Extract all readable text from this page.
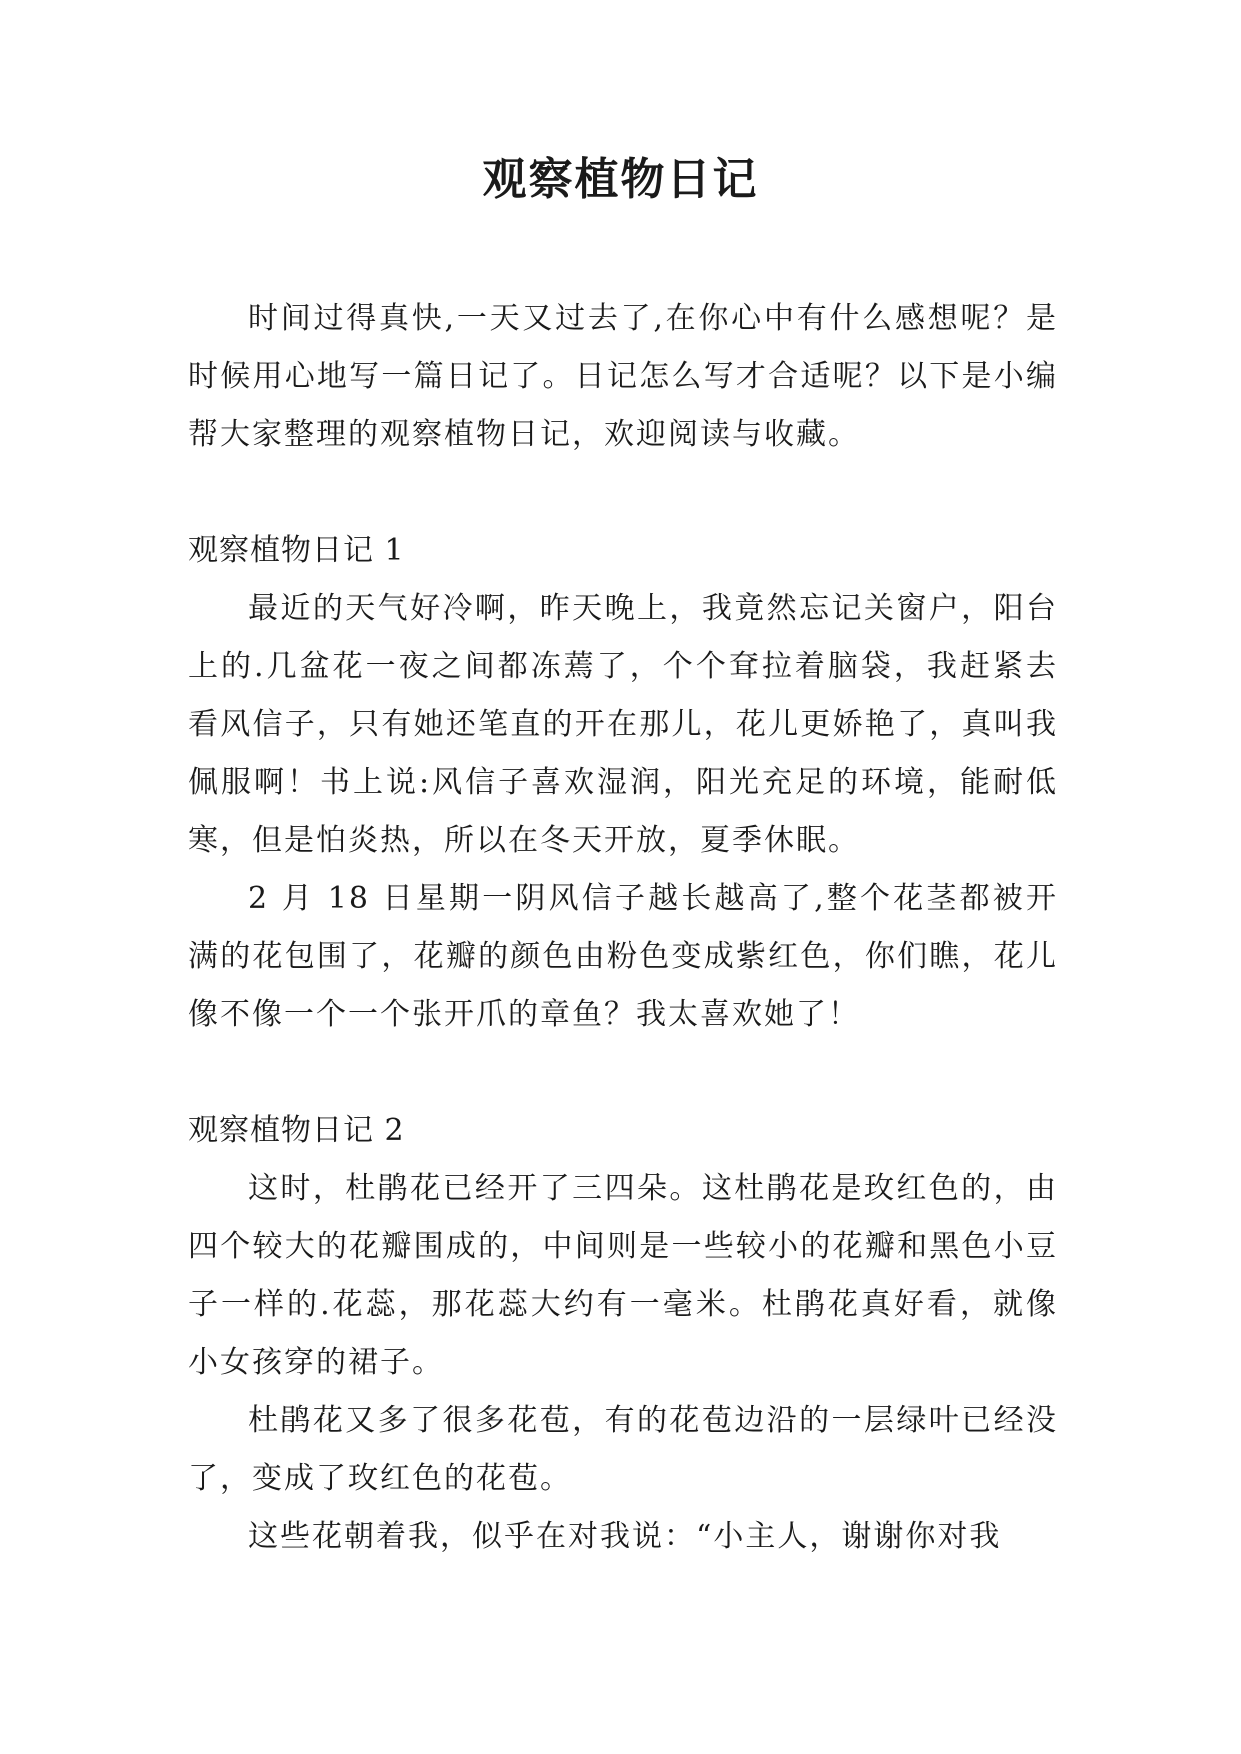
观察植物日记

时间过得真快,一天又过去了,在你心中有什么感想呢？是时候用心地写一篇日记了。日记怎么写才合适呢？以下是小编帮大家整理的观察植物日记，欢迎阅读与收藏。

观察植物日记 1

最近的天气好冷啊，昨天晚上，我竟然忘记关窗户，阳台上的.几盆花一夜之间都冻蔫了，个个耷拉着脑袋，我赶紧去看风信子，只有她还笔直的开在那儿，花儿更娇艳了，真叫我佩服啊！书上说:风信子喜欢湿润，阳光充足的环境，能耐低寒，但是怕炎热，所以在冬天开放，夏季休眠。

2 月 18 日星期一阴风信子越长越高了,整个花茎都被开满的花包围了，花瓣的颜色由粉色变成紫红色，你们瞧，花儿像不像一个一个张开爪的章鱼？我太喜欢她了！

观察植物日记 2

这时，杜鹃花已经开了三四朵。这杜鹃花是玫红色的，由四个较大的花瓣围成的，中间则是一些较小的花瓣和黑色小豆子一样的.花蕊，那花蕊大约有一毫米。杜鹃花真好看，就像小女孩穿的裙子。

杜鹃花又多了很多花苞，有的花苞边沿的一层绿叶已经没了，变成了玫红色的花苞。

这些花朝着我，似乎在对我说：“小主人，谢谢你对我
